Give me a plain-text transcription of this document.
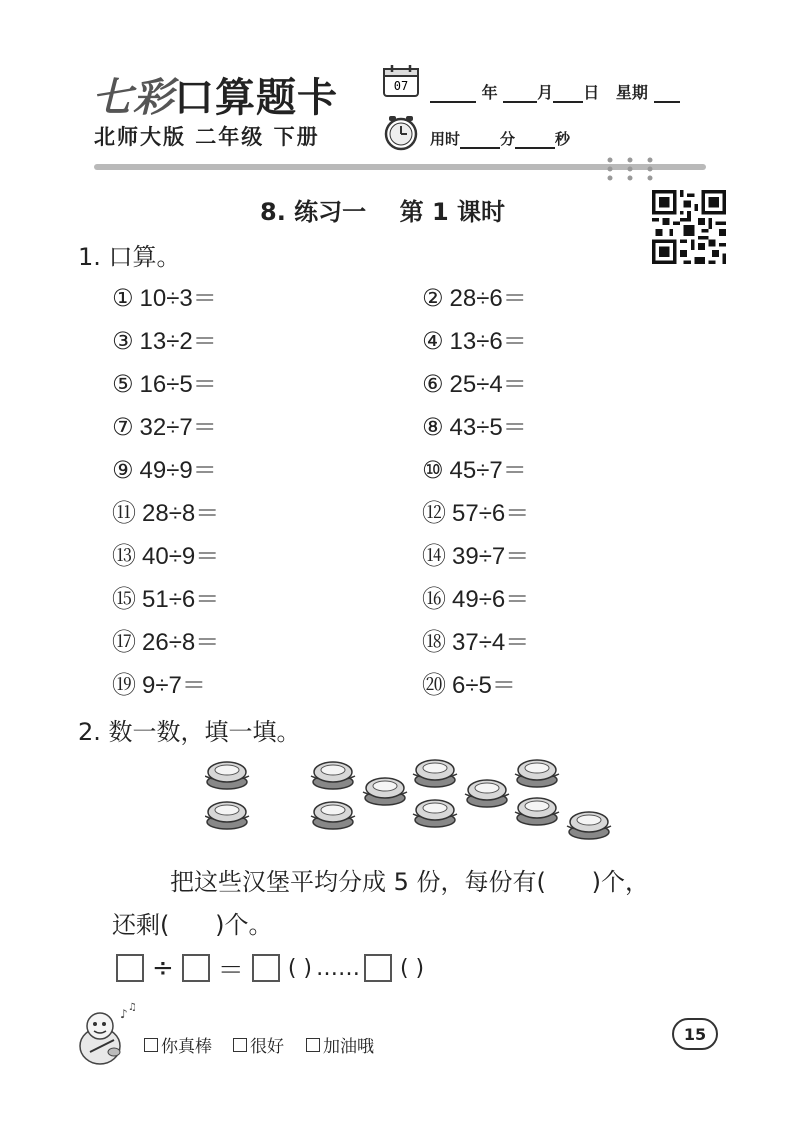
七彩口算题卡
北师大版 二年级 下册
07	年 月 日 星期
用时	分	秒
8. 练习一    第 1 课时
1. 口算。
① 10÷3＝	② 28÷6＝
③ 13÷2＝	④ 13÷6＝
⑤ 16÷5＝	⑥ 25÷4＝
⑦ 32÷7＝	⑧ 43÷5＝
⑨ 49÷9＝	⑩ 45÷7＝
⑪ 28÷8＝	⑫ 57÷6＝
⑬ 40÷9＝	⑭ 39÷7＝
⑮ 51÷6＝	⑯ 49÷6＝
⑰ 26÷8＝	⑱ 37÷4＝
⑲ 9÷7＝	⑳ 6÷5＝
2. 数一数，填一填。
把这些汉堡平均分成 5 份，每份有(      )个，
还剩(      )个。
÷ ＝ ( ) …… ( )
♪ ♫
你真棒 很好 加油哦
15
